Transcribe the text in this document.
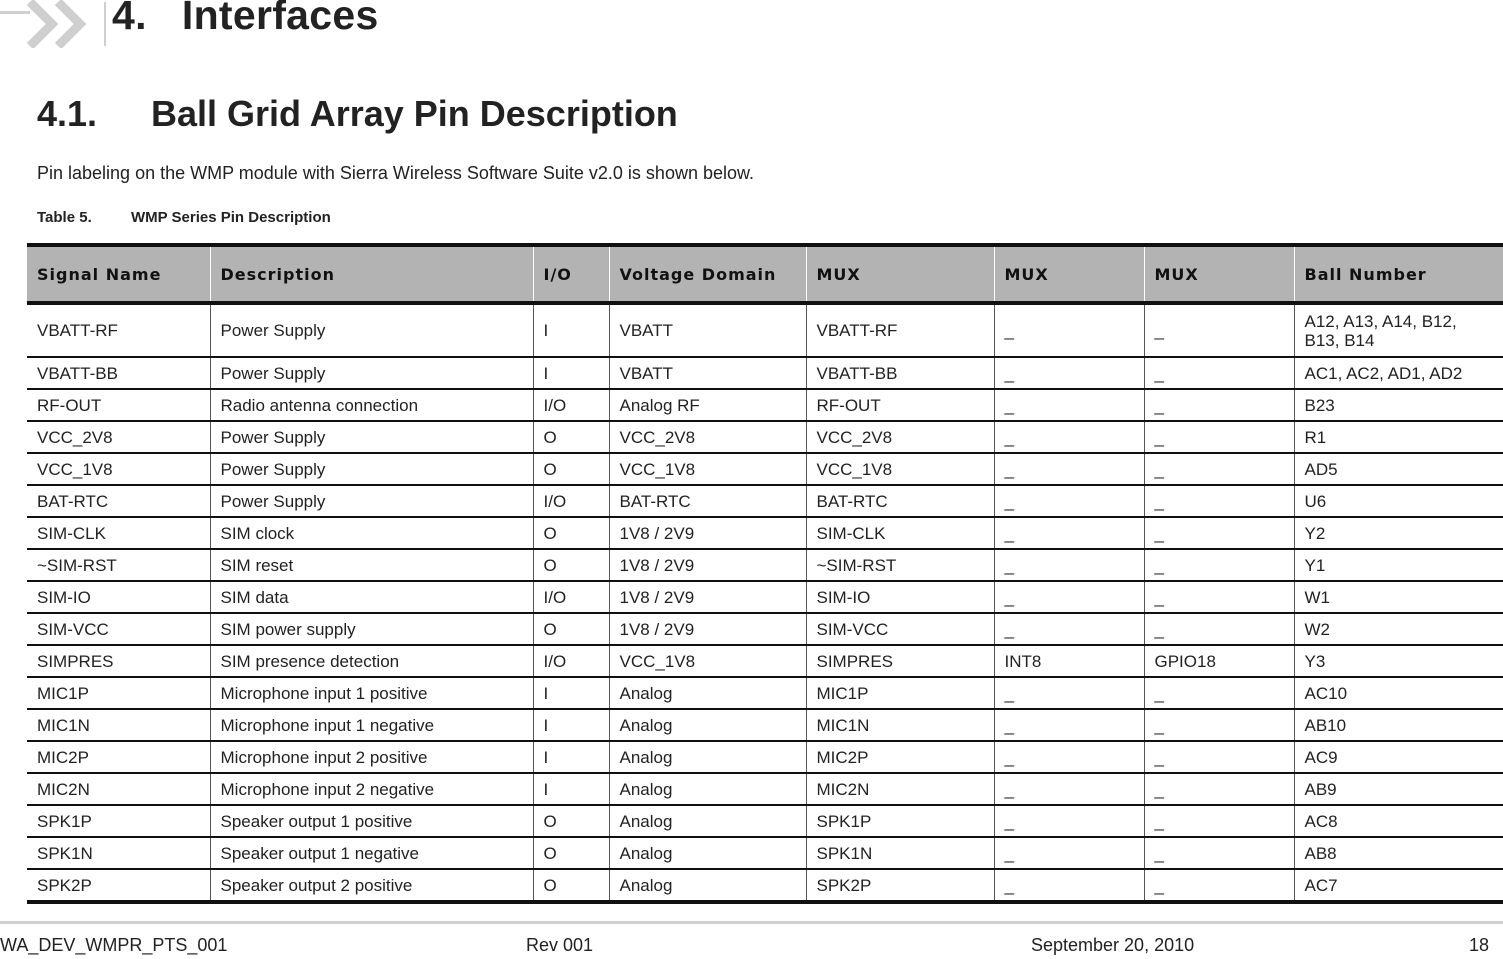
4. Interfaces
4.1. Ball Grid Array Pin Description

Pin labeling on the WMP module with Sierra Wireless Software Suite v2.0 is shown below.

Table 5.	WMP Series Pin Description

Signal Name	Description	I/O	Voltage Domain	MUX	MUX	MUX	Ball Number
VBATT-RF	Power Supply	I	VBATT	VBATT-RF	_	_	A12, A13, A14, B12, B13, B14
VBATT-BB	Power Supply	I	VBATT	VBATT-BB	_	_	AC1, AC2, AD1, AD2
RF-OUT	Radio antenna connection	I/O	Analog RF	RF-OUT	_	_	B23
VCC_2V8	Power Supply	O	VCC_2V8	VCC_2V8	_	_	R1
VCC_1V8	Power Supply	O	VCC_1V8	VCC_1V8	_	_	AD5
BAT-RTC	Power Supply	I/O	BAT-RTC	BAT-RTC	_	_	U6
SIM-CLK	SIM clock	O	1V8 / 2V9	SIM-CLK	_	_	Y2
~SIM-RST	SIM reset	O	1V8 / 2V9	~SIM-RST	_	_	Y1
SIM-IO	SIM data	I/O	1V8 / 2V9	SIM-IO	_	_	W1
SIM-VCC	SIM power supply	O	1V8 / 2V9	SIM-VCC	_	_	W2
SIMPRES	SIM presence detection	I/O	VCC_1V8	SIMPRES	INT8	GPIO18	Y3
MIC1P	Microphone input 1 positive	I	Analog	MIC1P	_	_	AC10
MIC1N	Microphone input 1 negative	I	Analog	MIC1N	_	_	AB10
MIC2P	Microphone input 2 positive	I	Analog	MIC2P	_	_	AC9
MIC2N	Microphone input 2 negative	I	Analog	MIC2N	_	_	AB9
SPK1P	Speaker output 1 positive	O	Analog	SPK1P	_	_	AC8
SPK1N	Speaker output 1 negative	O	Analog	SPK1N	_	_	AB8
SPK2P	Speaker output 2 positive	O	Analog	SPK2P	_	_	AC7
WA_DEV_WMPR_PTS_001	Rev 001	September 20, 2010	18
